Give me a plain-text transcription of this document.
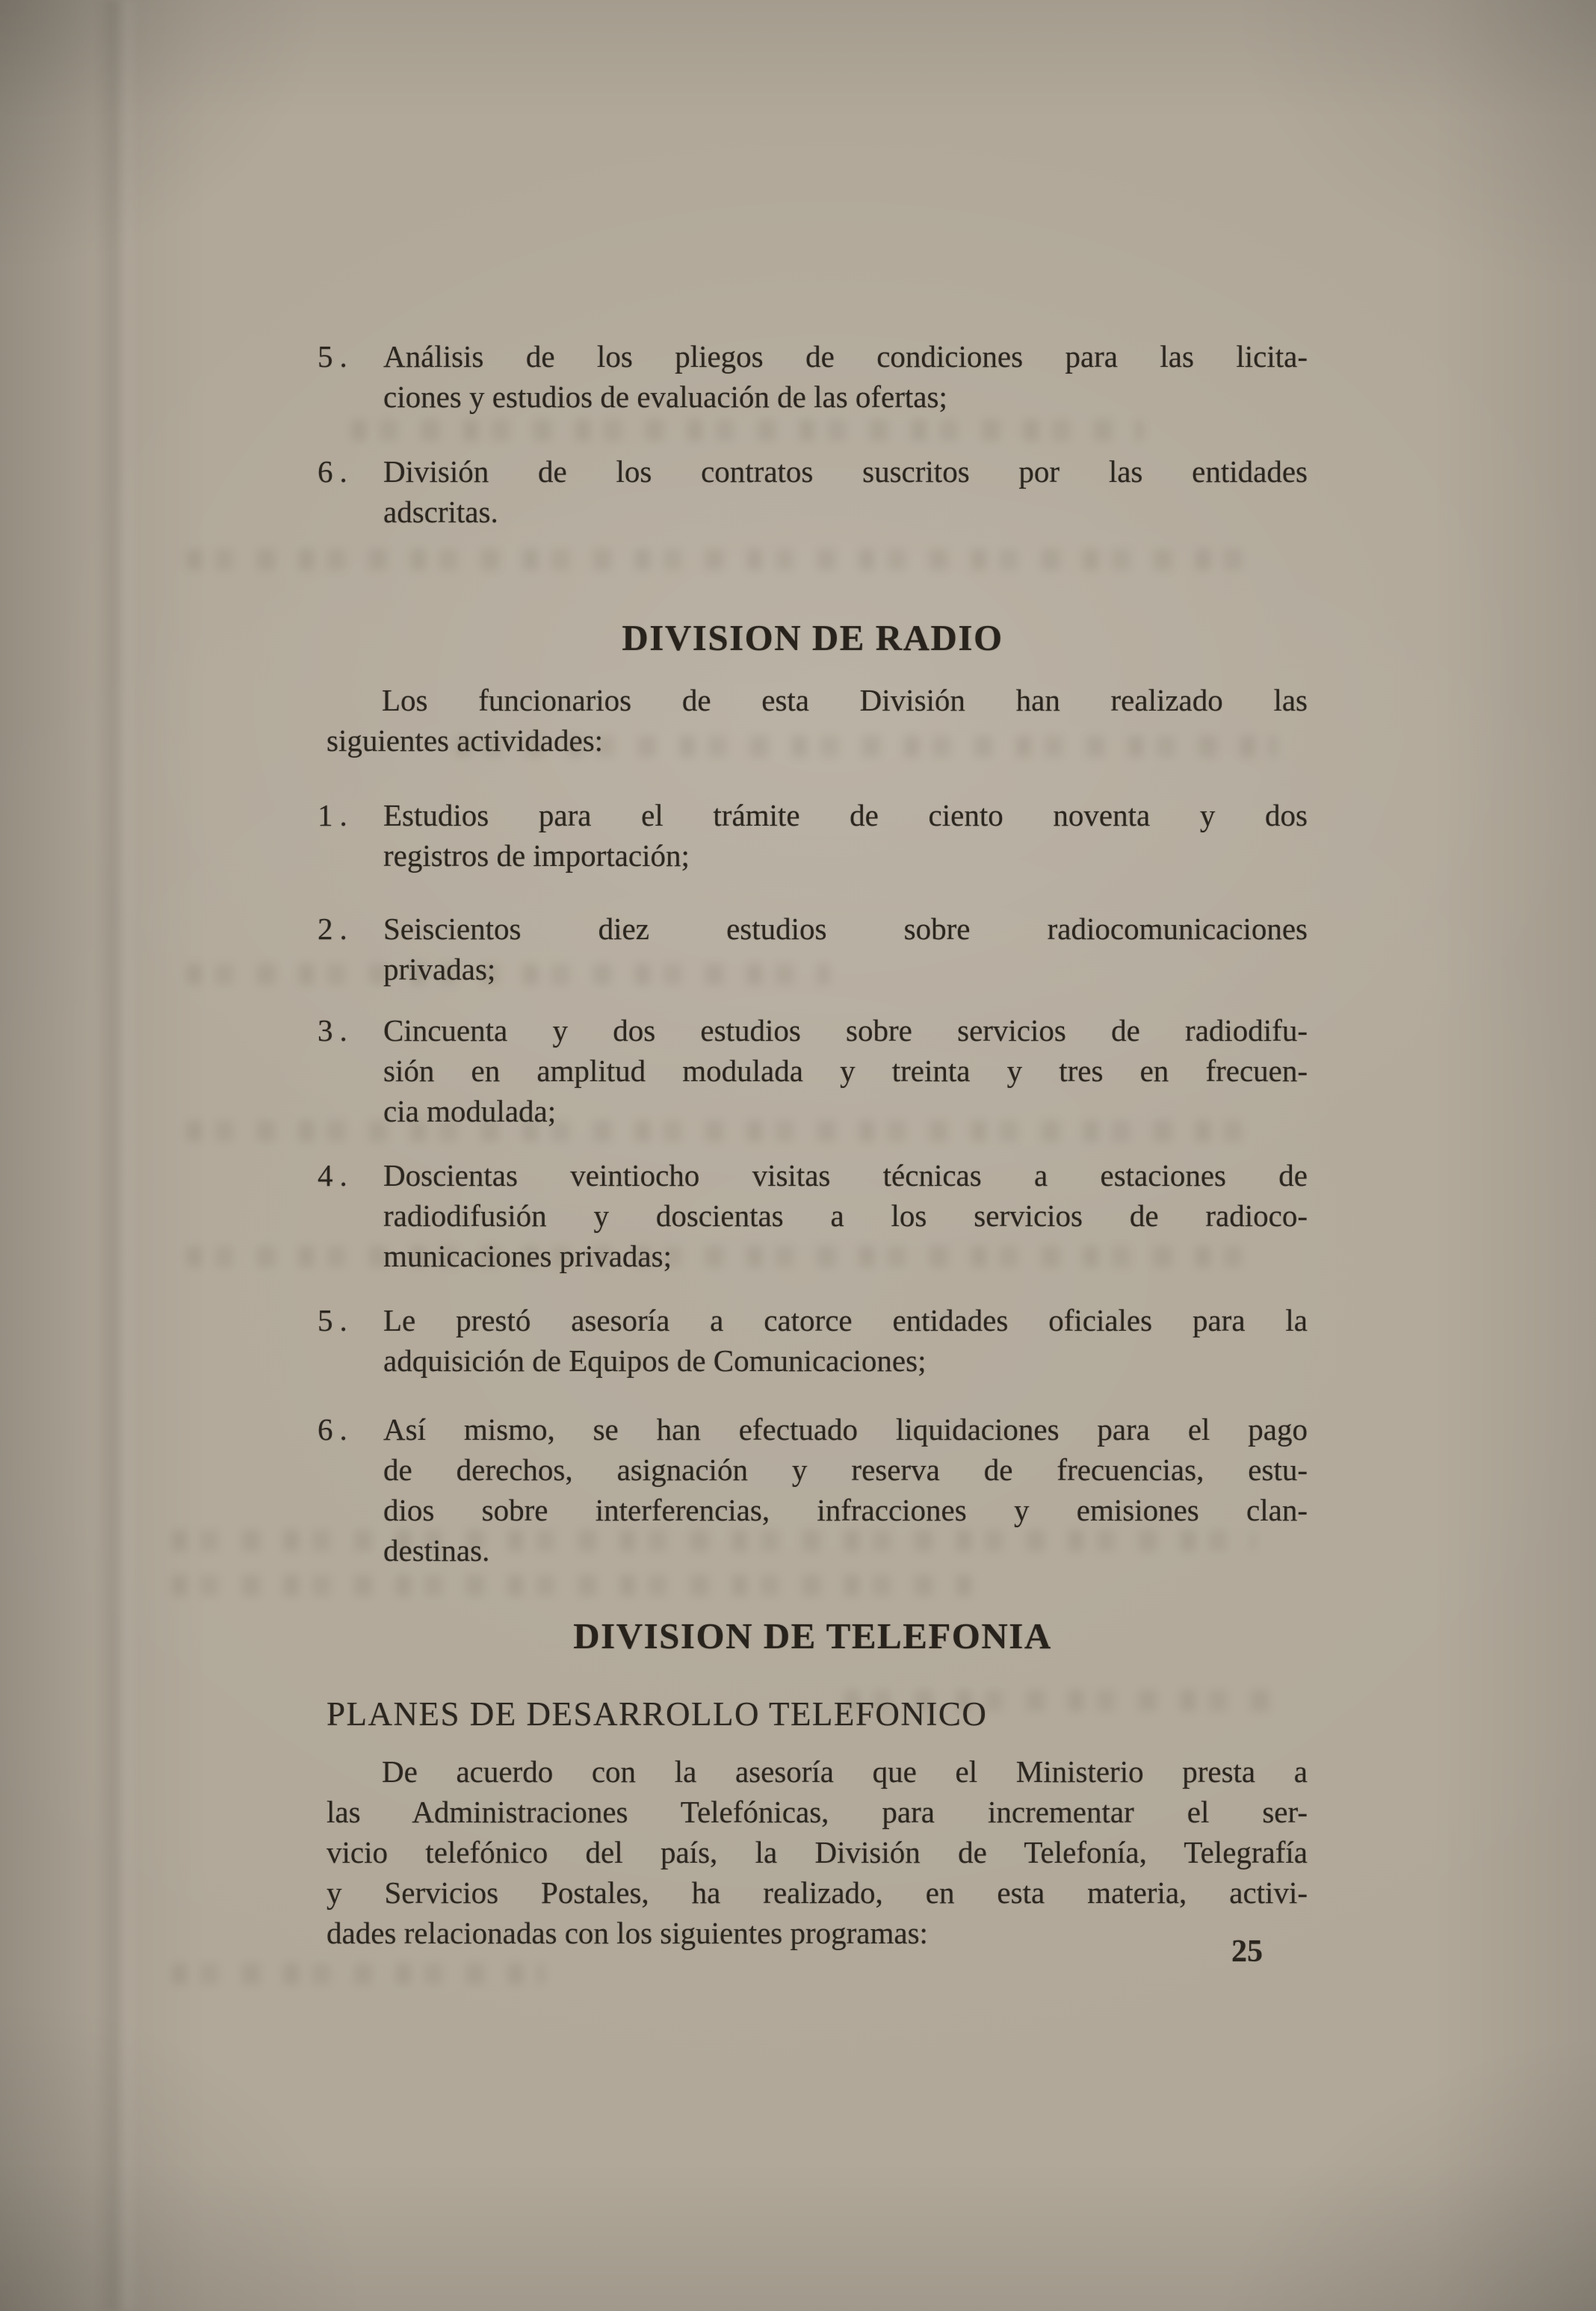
5. Análisis de los pliegos de condiciones para las licita-
ciones y estudios de evaluación de las ofertas;
6. División de los contratos suscritos por las entidades
adscritas.
DIVISION DE RADIO
Los funcionarios de esta División han realizado las
siguientes actividades:
1. Estudios para el trámite de ciento noventa y dos
registros de importación;
2. Seiscientos diez estudios sobre radiocomunicaciones
privadas;
3. Cincuenta y dos estudios sobre servicios de radiodifu-
sión en amplitud modulada y treinta y tres en frecuen-
cia modulada;
4. Doscientas veintiocho visitas técnicas a estaciones de
radiodifusión y doscientas a los servicios de radioco-
municaciones privadas;
5. Le prestó asesoría a catorce entidades oficiales para la
adquisición de Equipos de Comunicaciones;
6. Así mismo, se han efectuado liquidaciones para el pago
de derechos, asignación y reserva de frecuencias, estu-
dios sobre interferencias, infracciones y emisiones clan-
destinas.
DIVISION DE TELEFONIA
PLANES DE DESARROLLO TELEFONICO
De acuerdo con la asesoría que el Ministerio presta a
las Administraciones Telefónicas, para incrementar el ser-
vicio telefónico del país, la División de Telefonía, Telegrafía
y Servicios Postales, ha realizado, en esta materia, activi-
dades relacionadas con los siguientes programas:
25
